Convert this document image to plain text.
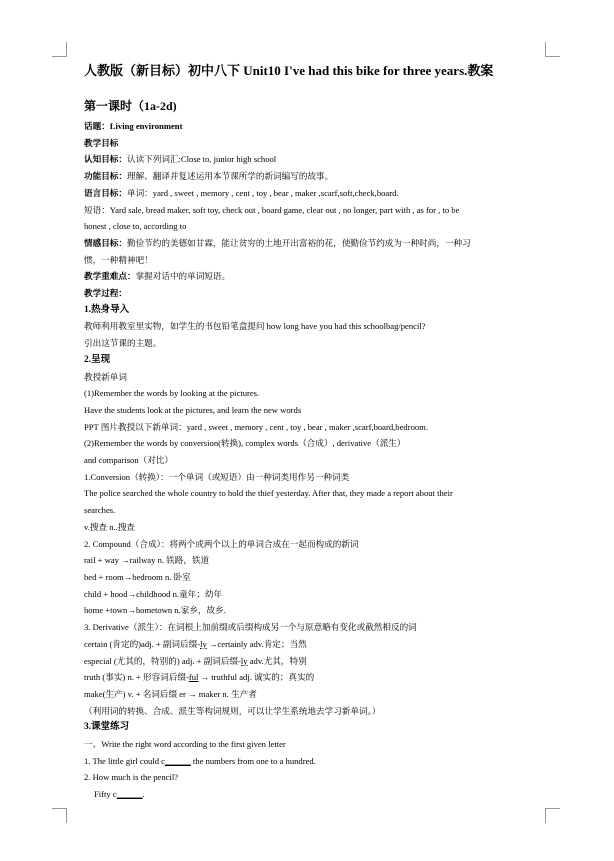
人教版（新目标）初中八下 Unit10 I've had this bike for three years.教案
第一课时（1a-2d)
话题：Living environment
教学目标
认知目标：认读下列词汇:Close to, junior high school
功能目标：理解、翻译并复述运用本节课所学的新词编写的故事。
语言目标：单词：yard , sweet , memory , cent , toy , bear , maker ,scarf,soft,check,board.
短语：Yard sale, bread maker, soft toy, check out , board game, clear out , no longer, part with , as for , to be
honest , close to, according to
情感目标：勤俭节约的美德如甘霖，能让贫穷的土地开出富裕的花，使勤俭节约成为一种时尚，一种习
惯，一种精神吧！
教学重难点：掌握对话中的单词短语。
教学过程：
1.热身导入
教师利用教室里实物，如学生的书包铅笔盒提问 how long have you had this schoolbag/pencil?
引出这节课的主题。
2.呈现
教授新单词
(1)Remember the words by looking at the pictures.
Have the students look at the pictures, and learn the new words
PPT 图片教授以下新单词：yard , sweet , memory , cent , toy , bear , maker ,scarf,board,bedroom.
(2)Remember the words by conversion(转换), complex words（合成）, derivative（派生）
and comparison（对比）
1.Conversion（转换）：一个单词（或短语）由一种词类用作另一种词类
The police searched the whole country to hold the thief yesterday. After that, they made a report about their
searches.
v.搜查 n..搜查
2. Compound（合成）：将两个或两个以上的单词合成在一起而构成的新词
rail + way →railway n. 铁路，铁道
bed + room→bedroom n. 卧室
child + hood→childhood n.童年；幼年
home +town→hometown n.家乡，故乡.
3. Derivative（派生）：在词根上加前缀或后缀构成另一个与原意略有变化或截然相反的词
certain (肯定的)adj. + 副词后缀-ly →certainly adv.肯定；当然
especial (尤其的，特别的) adj. + 副词后缀-ly adv.尤其，特别
truth (事实) n. + 形容词后缀-ful → truthful adj. 诚实的；真实的
make(生产) v. + 名词后缀 er → maker n. 生产者
（利用词的转换、合成、派生等构词规则，可以让学生系统地去学习新单词。）
3.课堂练习
一、Write the right word according to the first given letter
1. The little girl could c______ the numbers from one to a hundred.
2. How much is the pencil?
Fifty c______.
